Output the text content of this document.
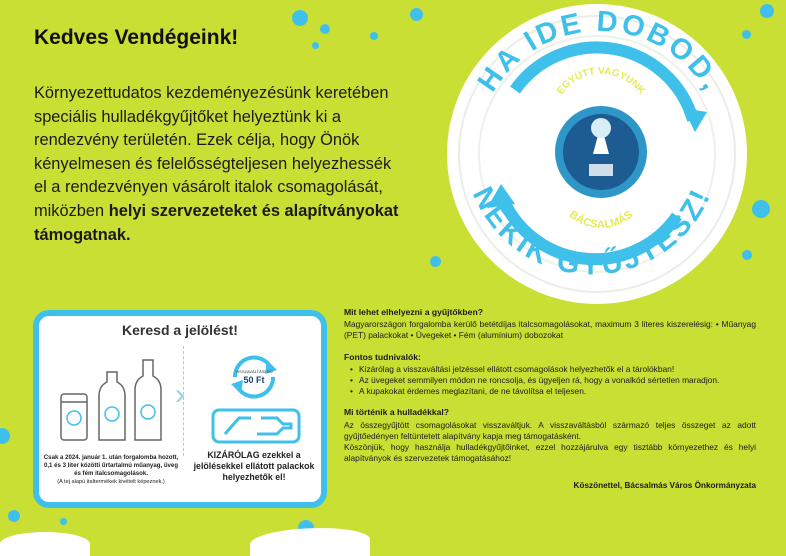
Kedves Vendégeink!

Környezettudatos kezdeményezésünk keretében speciális hulladékgyűjtőket helyeztünk ki a rendezvény területén. Ezek célja, hogy Önök kényelmesen és felelősségteljesen helyezhessék el a rendezvényen vásárolt italok csomagolását, miközben helyi szervezeteket és alapítványokat támogatnak.

HA IDE DOBOD,
NEKIK GYŰJTESZ!
EGYÜTT VAGYUNK
BÁCSALMÁS
Keresd a jelölést!
›
VISSZAVÁLTÁSI DÍJ
50 Ft
Csak a 2024. január 1. után forgalomba hozott, 0,1 és 3 liter közötti űrtartalmú műanyag, üveg és fém italcsomagolások.
(A tej alapú italtermékek kivételt képeznek.)
KIZÁRÓLAG ezekkel a jelölésekkel ellátott palackok helyezhetők el!
Mit lehet elhelyezni a gyűjtőkben?

Magyarországon forgalomba kerülő betétdíjas italcsomagolásokat, maximum 3 literes kiszerelésig: • Műanyag (PET) palackokat • Üvegeket • Fém (alumínium) dobozokat

Fontos tudnivalók:
• Kizárólag a visszaváltási jelzéssel ellátott csomagolások helyezhetők el a tárolókban!
• Az üvegeket semmilyen módon ne roncsolja, és ügyeljen rá, hogy a vonalkód sértetlen maradjon.
• A kupakokat érdemes meglazítani, de ne távolítsa el teljesen.
Mi történik a hulladékkal?

Az összegyűjtött csomagolásokat visszaváltjuk. A visszaváltásból származó teljes összeget az adott gyűjtőedényen feltüntetett alapítvány kapja meg támogatásként.

Köszönjük, hogy használja hulladékgyűjtőinket, ezzel hozzájárulva egy tisztább környezethez és helyi alapítványok és szervezetek támogatásához!

Köszönettel, Bácsalmás Város Önkormányzata
